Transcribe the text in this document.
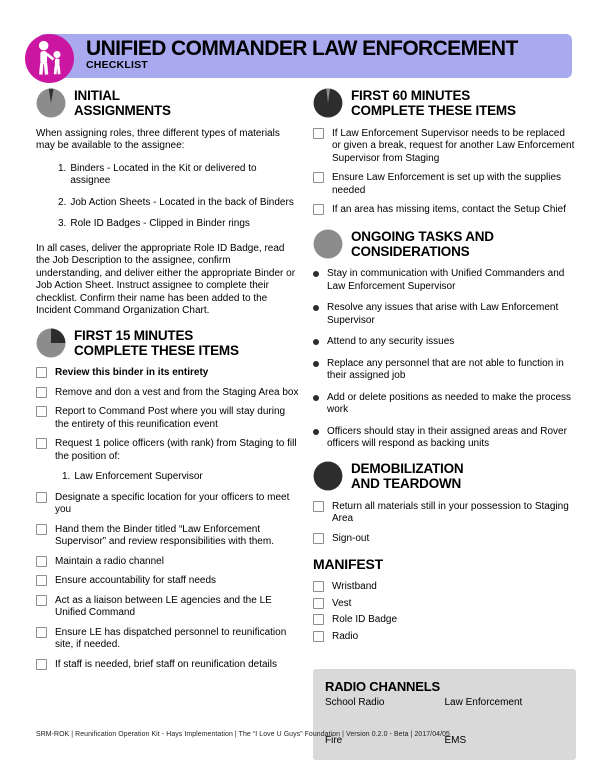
UNIFIED COMMANDER LAW ENFORCEMENT
CHECKLIST
INITIAL
ASSIGNMENTS

When assigning roles, three different types of materials may be available to the assignee:

1. Binders - Located in the Kit or delivered to assignee
2. Job Action Sheets - Located in the back of Binders
3. Role ID Badges - Clipped in Binder rings

In all cases, deliver the appropriate Role ID Badge, read the Job Description to the assignee, confirm understanding, and deliver either the appropriate Binder or Job Action Sheet. Instruct assignee to complete their checklist. Confirm their name has been added to the Incident Command Organization Chart.

FIRST 15 MINUTES
COMPLETE THESE ITEMS
Review this binder in its entirety
Remove and don a vest and from the Staging Area box
Report to Command Post where you will stay during the entirety of this reunification event
Request 1 police officers (with rank) from Staging to fill the position of:
1. Law Enforcement Supervisor
Designate a specific location for your officers to meet you
Hand them the Binder titled “Law Enforcement Supervisor” and review responsibilities with them.
Maintain a radio channel
Ensure accountability for staff needs
Act as a liaison between LE agencies and the LE Unified Command
Ensure LE has dispatched personnel to reunification site, if needed.
If staff is needed, brief staff on reunification details
FIRST 60 MINUTES
COMPLETE THESE ITEMS
If Law Enforcement Supervisor needs to be replaced or given a break, request for another Law Enforcement Supervisor from Staging
Ensure Law Enforcement is set up with the supplies needed
If an area has missing items, contact the Setup Chief
ONGOING TASKS AND
CONSIDERATIONS
Stay in communication with Unified Commanders and Law Enforcement Supervisor
Resolve any issues that arise with Law Enforcement Supervisor
Attend to any security issues
Replace any personnel that are not able to function in their assigned job
Add or delete positions as needed to make the process work
Officers should stay in their assigned areas and Rover officers will respond as backing units
DEMOBILIZATION
AND TEARDOWN
Return all materials still in your possession to Staging Area
Sign-out
MANIFEST
Wristband
Vest
Role ID Badge
Radio
RADIO CHANNELS
School Radio	Law Enforcement
Fire	EMS
SRM-ROK | Reunification Operation Kit - Hays Implementation | The “I Love U Guys” Foundation | Version 0.2.0 - Beta | 2017/04/05
